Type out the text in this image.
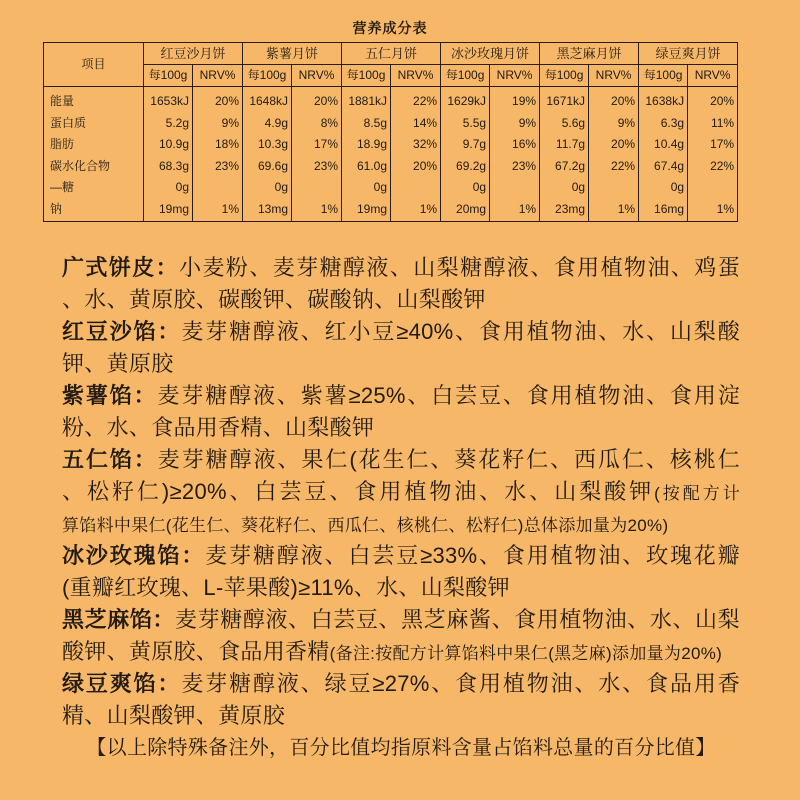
营养成分表
项目	红豆沙月饼		紫薯月饼		五仁月饼		冰沙玫瑰月饼		黑芝麻月饼		绿豆爽月饼	
	每100g	NRV%	每100g	NRV%	每100g	NRV%	每100g	NRV%	每100g	NRV%	每100g	NRV%
能量	1653kJ	20%	1648kJ	20%	1881kJ	22%	1629kJ	19%	1671kJ	20%	1638kJ	20%
蛋白质	5.2g	9%	4.9g	8%	8.5g	14%	5.5g	9%	5.6g	9%	6.3g	11%
脂肪	10.9g	18%	10.3g	17%	18.9g	32%	9.7g	16%	11.7g	20%	10.4g	17%
碳水化合物	68.3g	23%	69.6g	23%	61.0g	20%	69.2g	23%	67.2g	22%	67.4g	22%
—糖	0g		0g		0g		0g		0g		0g	
钠	19mg	1%	13mg	1%	19mg	1%	20mg	1%	23mg	1%	16mg	1%
广式饼皮：小麦粉、麦芽糖醇液、山梨糖醇液、食用植物油、鸡蛋
、水、黄原胶、碳酸钾、碳酸钠、山梨酸钾
红豆沙馅：麦芽糖醇液、红小豆≥40%、食用植物油、水、山梨酸
钾、黄原胶
紫薯馅：麦芽糖醇液、紫薯≥25%、白芸豆、食用植物油、食用淀
粉、水、食品用香精、山梨酸钾
五仁馅：麦芽糖醇液、果仁(花生仁、葵花籽仁、西瓜仁、核桃仁
、松籽仁)≥20%、白芸豆、食用植物油、水、山梨酸钾(按配方计
算馅料中果仁(花生仁、葵花籽仁、西瓜仁、核桃仁、松籽仁)总体添加量为20%)
冰沙玫瑰馅：麦芽糖醇液、白芸豆≥33%、食用植物油、玫瑰花瓣
(重瓣红玫瑰、L-苹果酸)≥11%、水、山梨酸钾
黑芝麻馅：麦芽糖醇液、白芸豆、黑芝麻酱、食用植物油、水、山梨
酸钾、黄原胶、食品用香精(备注:按配方计算馅料中果仁(黑芝麻)添加量为20%)
绿豆爽馅：麦芽糖醇液、绿豆≥27%、食用植物油、水、食品用香
精、山梨酸钾、黄原胶
【以上除特殊备注外，百分比值均指原料含量占馅料总量的百分比值】
